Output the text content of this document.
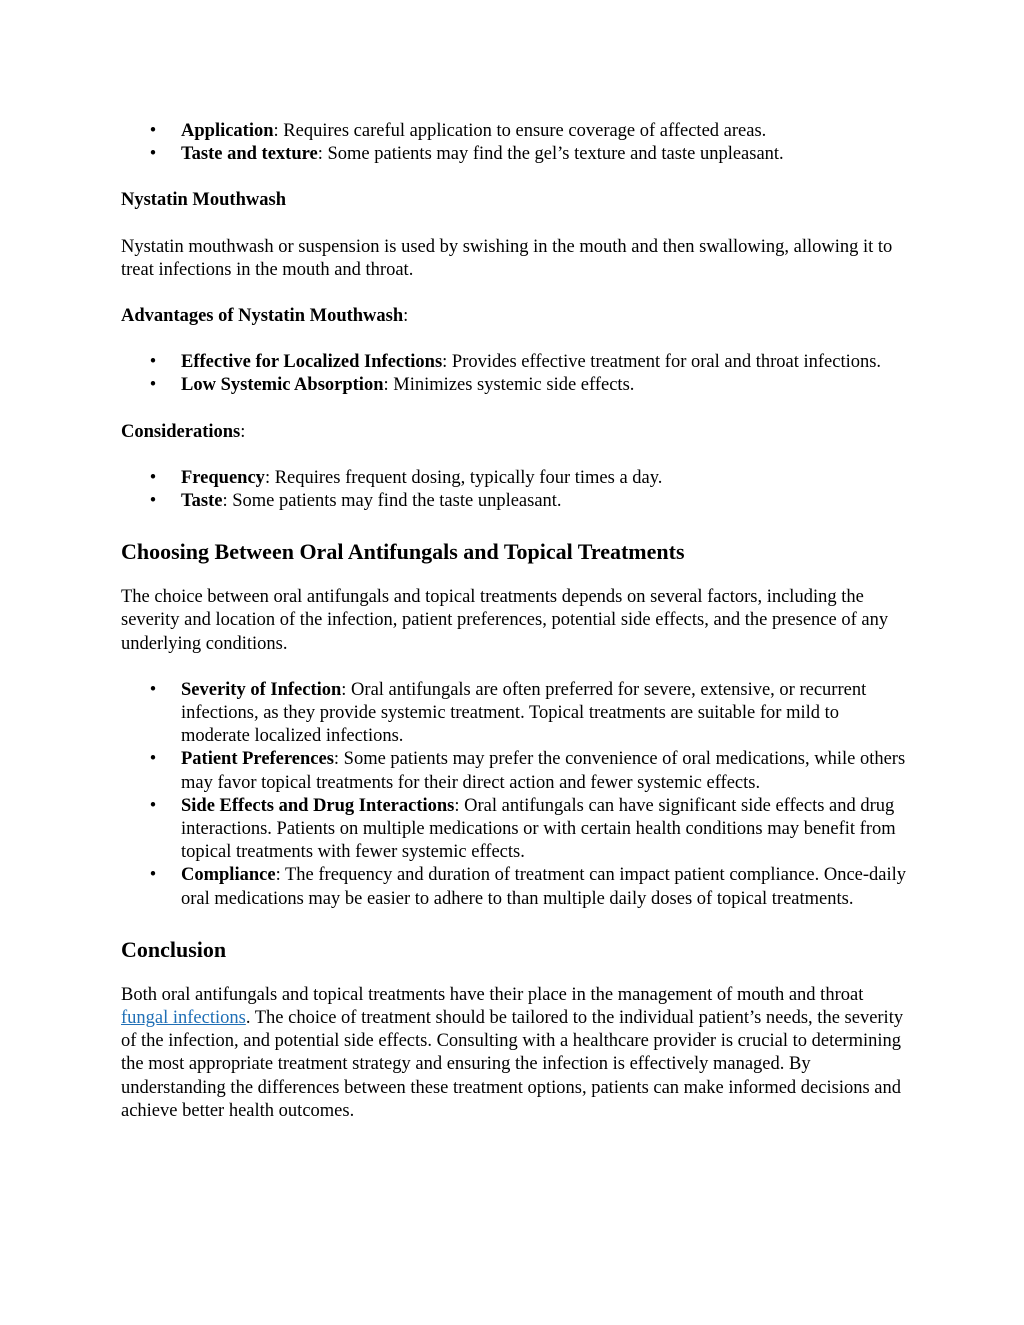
•	Application: Requires careful application to ensure coverage of affected areas.
•	Taste and texture: Some patients may find the gel’s texture and taste unpleasant.

Nystatin Mouthwash

Nystatin mouthwash or suspension is used by swishing in the mouth and then swallowing, allowing it to treat infections in the mouth and throat.

Advantages of Nystatin Mouthwash:

•	Effective for Localized Infections: Provides effective treatment for oral and throat infections.
•	Low Systemic Absorption: Minimizes systemic side effects.

Considerations:

•	Frequency: Requires frequent dosing, typically four times a day.
•	Taste: Some patients may find the taste unpleasant.
Choosing Between Oral Antifungals and Topical Treatments

The choice between oral antifungals and topical treatments depends on several factors, including the severity and location of the infection, patient preferences, potential side effects, and the presence of any underlying conditions.

•	Severity of Infection: Oral antifungals are often preferred for severe, extensive, or recurrent infections, as they provide systemic treatment. Topical treatments are suitable for mild to moderate localized infections.
•	Patient Preferences: Some patients may prefer the convenience of oral medications, while others may favor topical treatments for their direct action and fewer systemic effects.
•	Side Effects and Drug Interactions: Oral antifungals can have significant side effects and drug interactions. Patients on multiple medications or with certain health conditions may benefit from topical treatments with fewer systemic effects.
•	Compliance: The frequency and duration of treatment can impact patient compliance. Once-daily oral medications may be easier to adhere to than multiple daily doses of topical treatments.
Conclusion

Both oral antifungals and topical treatments have their place in the management of mouth and throat fungal infections. The choice of treatment should be tailored to the individual patient’s needs, the severity of the infection, and potential side effects. Consulting with a healthcare provider is crucial to determining the most appropriate treatment strategy and ensuring the infection is effectively managed. By understanding the differences between these treatment options, patients can make informed decisions and achieve better health outcomes.
